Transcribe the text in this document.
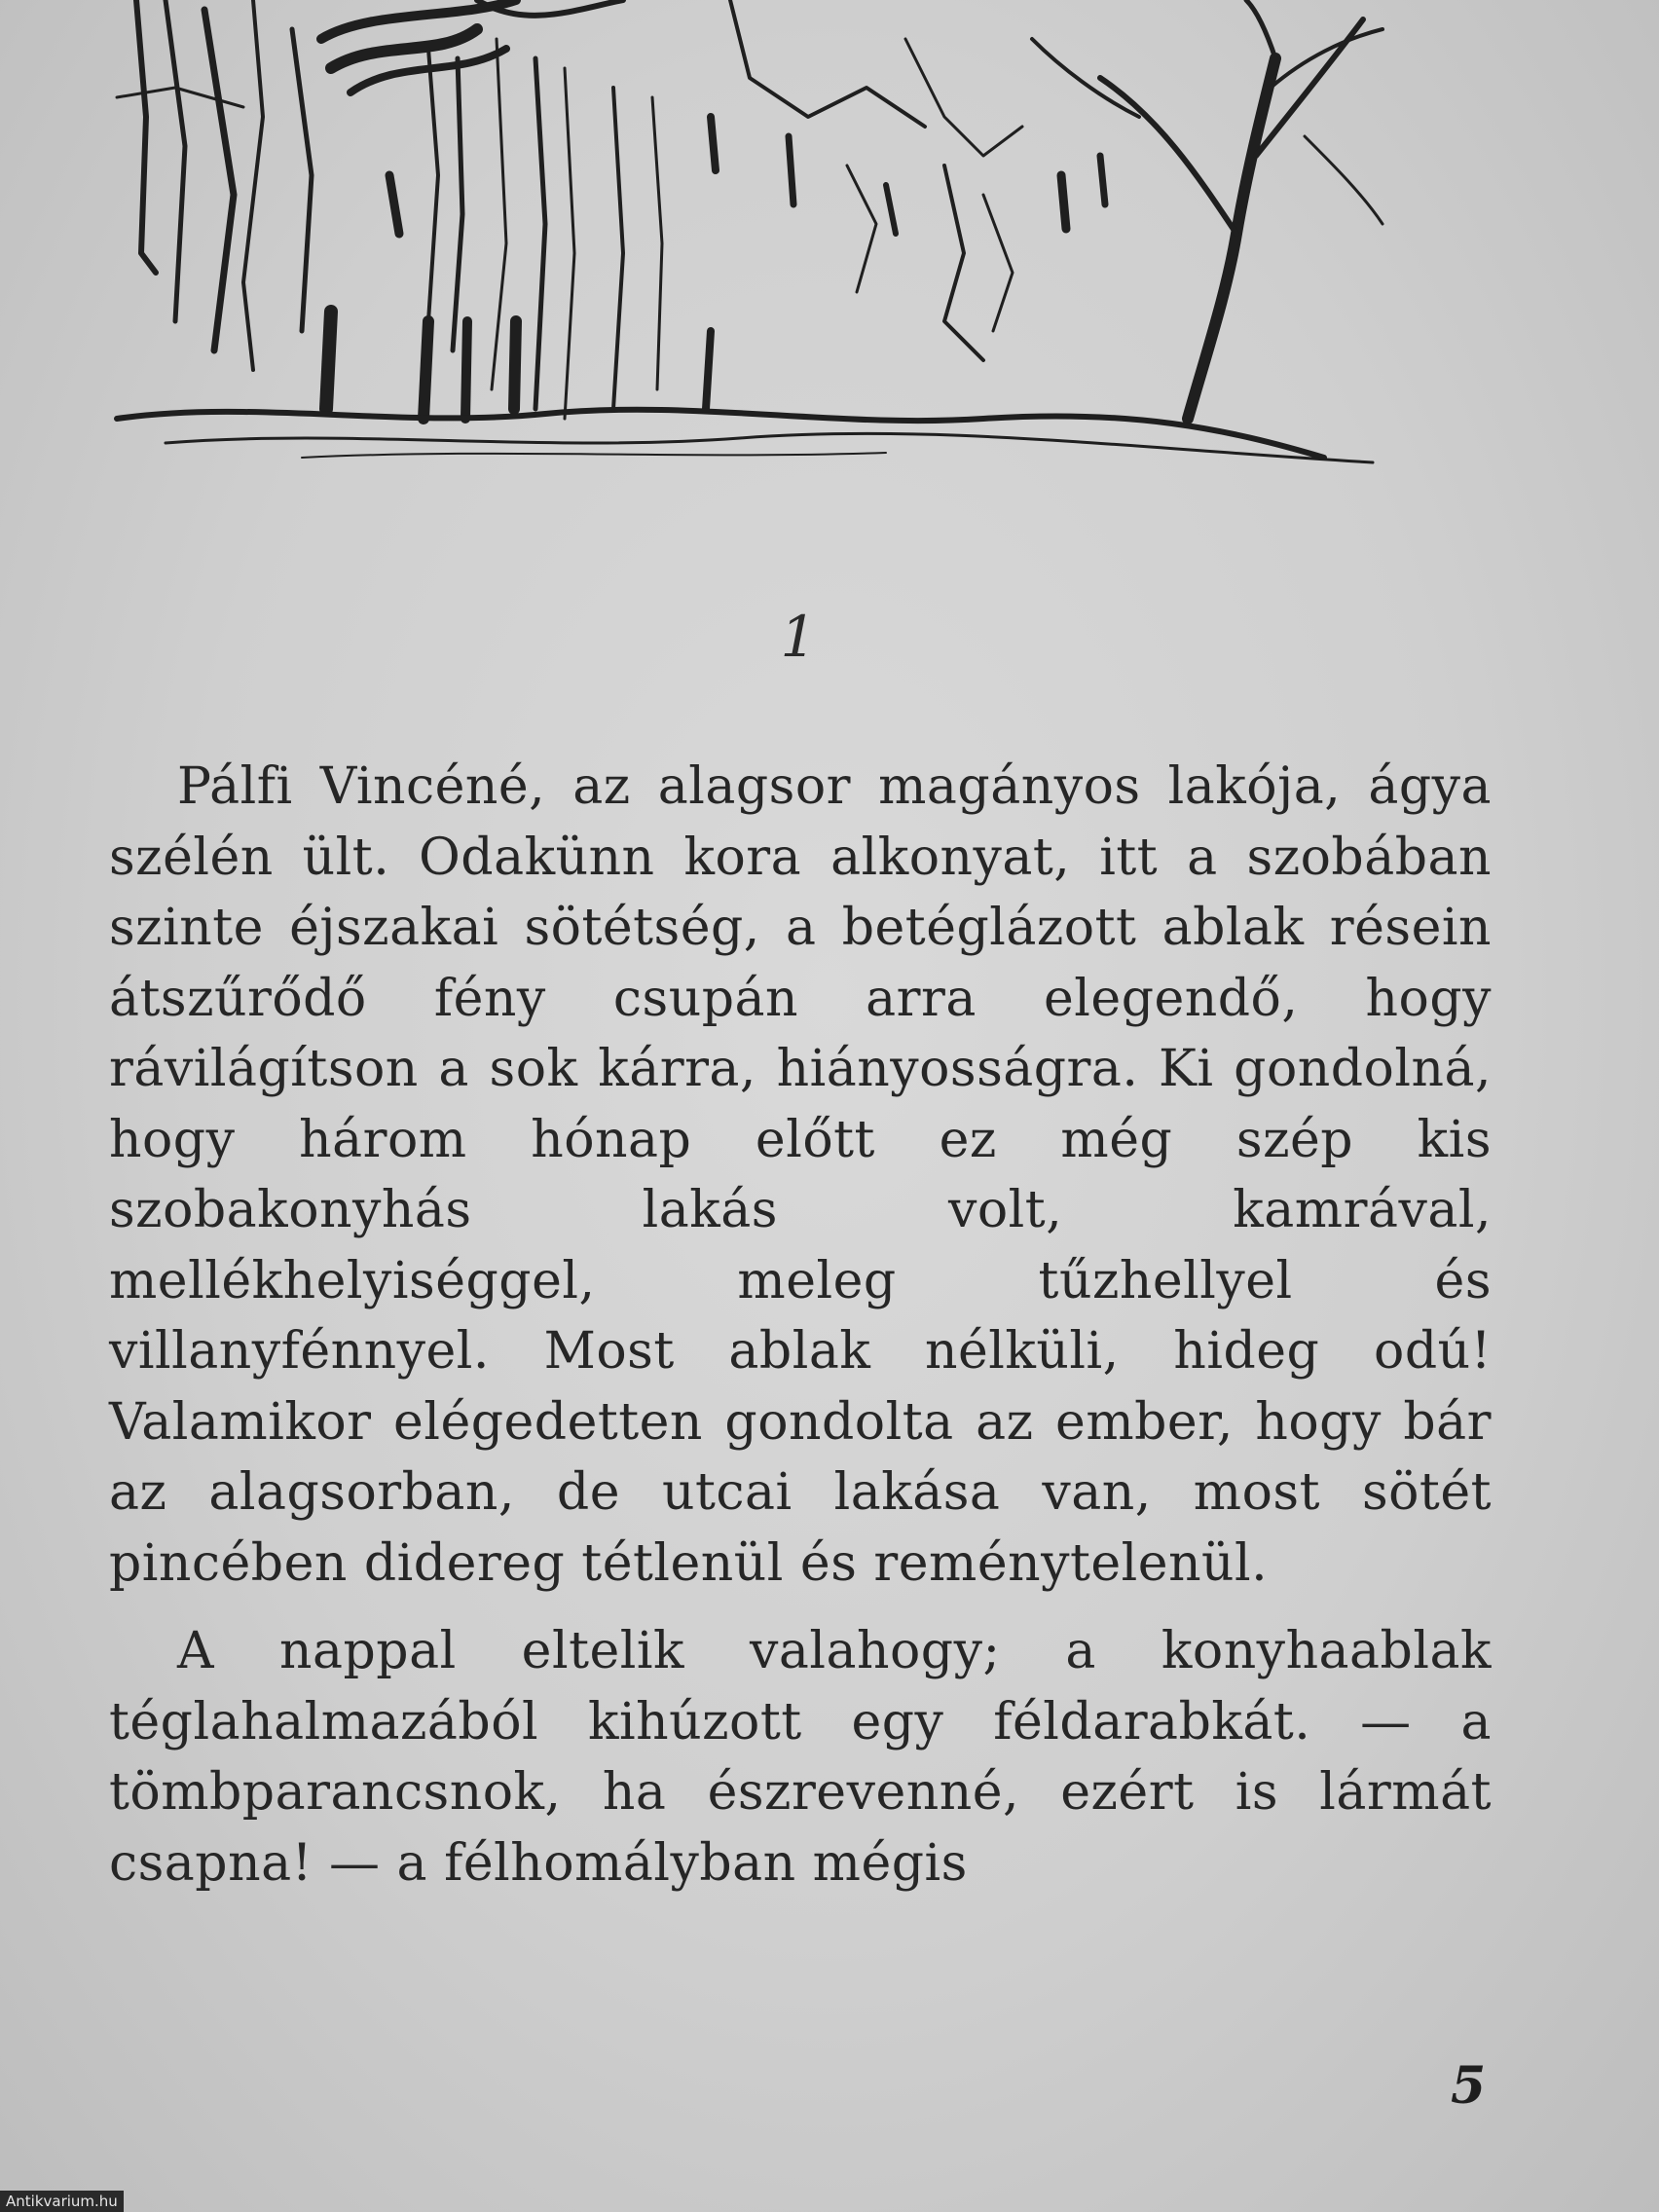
1

Pálfi Vincéné, az alagsor magányos lakója, ágya szélén ült. Odakünn kora alkonyat, itt a szobában szinte éjszakai sötétség, a betéglázott ablak résein átszűrődő fény csupán arra elegendő, hogy rávilágítson a sok kárra, hiányosságra. Ki gondolná, hogy három hónap előtt ez még szép kis szobakonyhás lakás volt, kamrával, mellékhelyiséggel, meleg tűzhellyel és villanyfénnyel. Most ablak nélküli, hideg odú! Valamikor elégedetten gondolta az ember, hogy bár az alagsorban, de utcai lakása van, most sötét pincében didereg tétlenül és reménytelenül.

A nappal eltelik valahogy; a konyhaablak téglahalmazából kihúzott egy féldarabkát. — a tömbparancsnok, ha észrevenné, ezért is lármát csapna! — a félhomályban mégis

5
Antikvarium.hu
